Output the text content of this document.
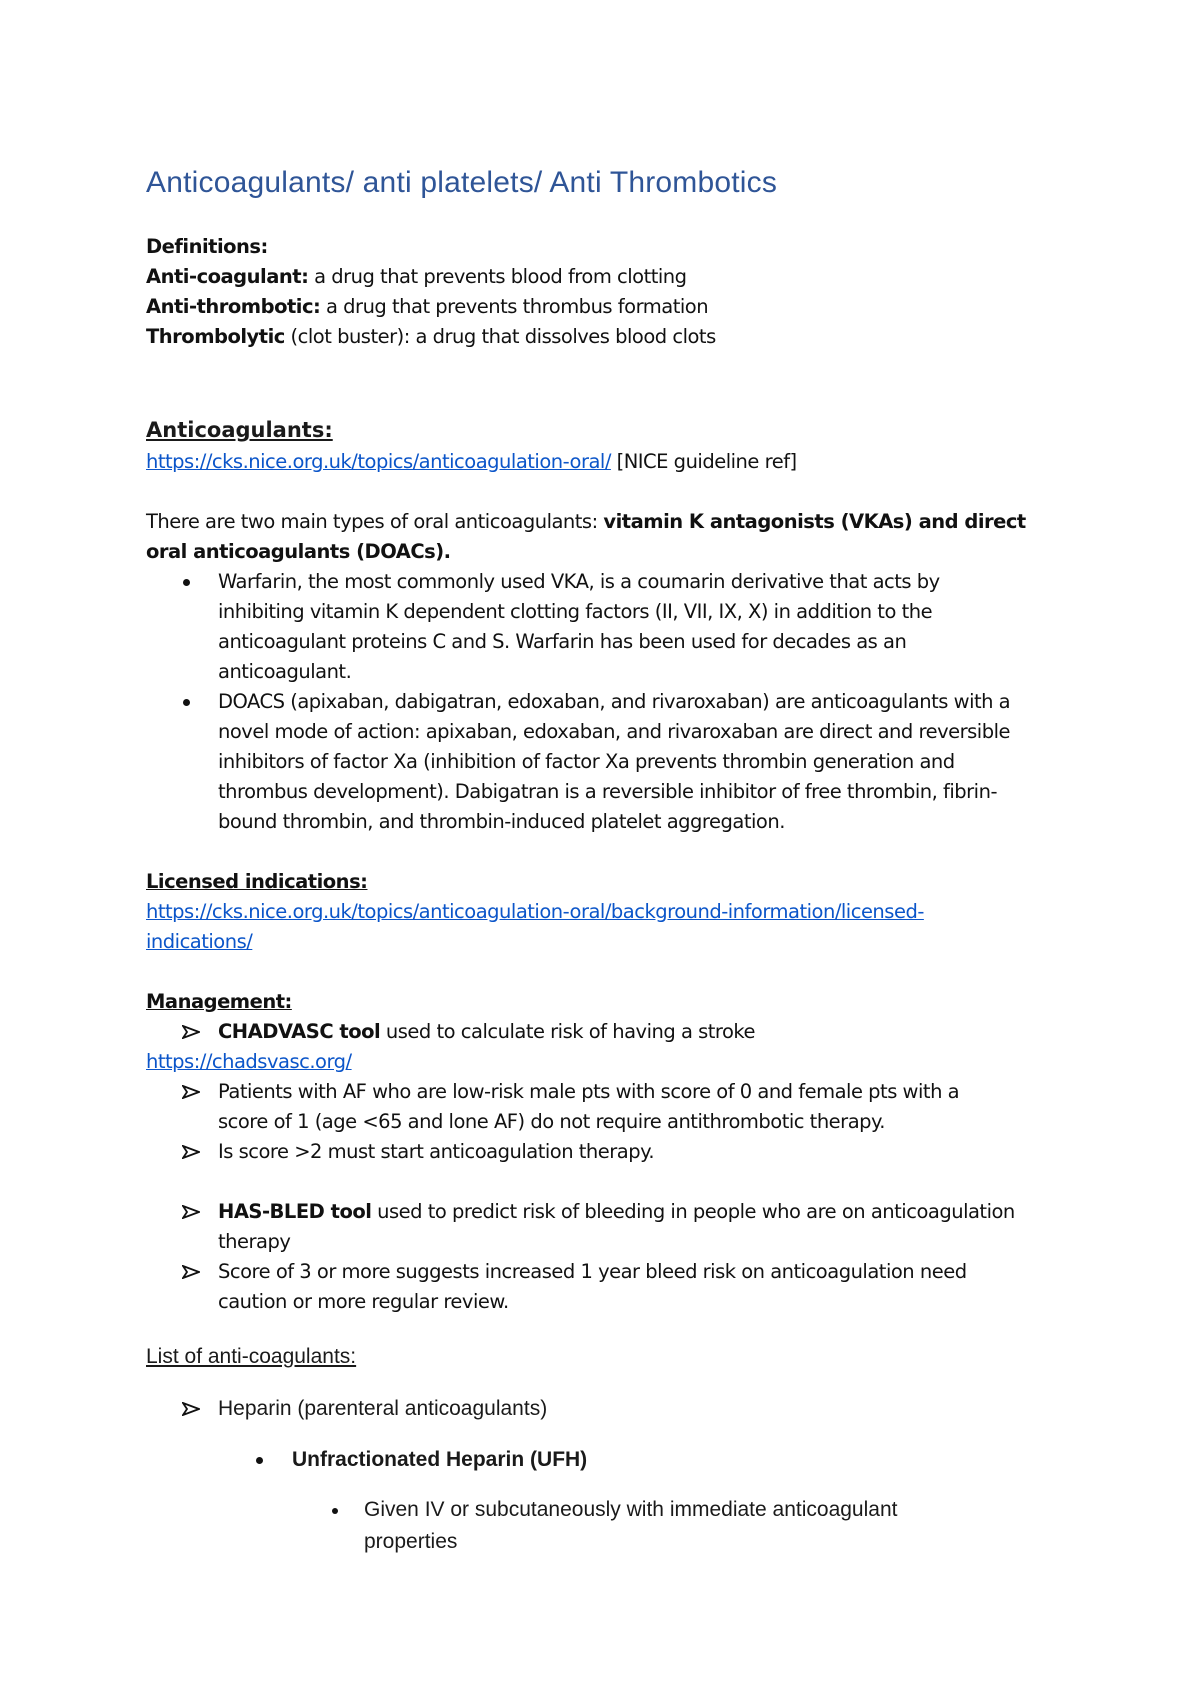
Anticoagulants/ anti platelets/ Anti Thrombotics
Definitions:
Anti-coagulant: a drug that prevents blood from clotting
Anti-thrombotic: a drug that prevents thrombus formation
Thrombolytic (clot buster): a drug that dissolves blood clots
Anticoagulants:
https://cks.nice.org.uk/topics/anticoagulation-oral/ [NICE guideline ref]

There are two main types of oral anticoagulants: vitamin K antagonists (VKAs) and direct
oral anticoagulants (DOACs).
Warfarin, the most commonly used VKA, is a coumarin derivative that acts by
inhibiting vitamin K dependent clotting factors (II, VII, IX, X) in addition to the
anticoagulant proteins C and S. Warfarin has been used for decades as an
anticoagulant.
DOACS (apixaban, dabigatran, edoxaban, and rivaroxaban) are anticoagulants with a
novel mode of action: apixaban, edoxaban, and rivaroxaban are direct and reversible
inhibitors of factor Xa (inhibition of factor Xa prevents thrombin generation and
thrombus development). Dabigatran is a reversible inhibitor of free thrombin, fibrin-
bound thrombin, and thrombin-induced platelet aggregation.

Licensed indications:
https://cks.nice.org.uk/topics/anticoagulation-oral/background-information/licensed-
indications/

Management:
CHADVASC tool used to calculate risk of having a stroke
https://chadsvasc.org/
Patients with AF who are low-risk male pts with score of 0 and female pts with a
score of 1 (age <65 and lone AF) do not require antithrombotic therapy.
Is score >2 must start anticoagulation therapy.

HAS-BLED tool used to predict risk of bleeding in people who are on anticoagulation
therapy
Score of 3 or more suggests increased 1 year bleed risk on anticoagulation need
caution or more regular review.
List of anti-coagulants:
Heparin (parenteral anticoagulants)
Unfractionated Heparin (UFH)
Given IV or subcutaneously with immediate anticoagulant
properties
